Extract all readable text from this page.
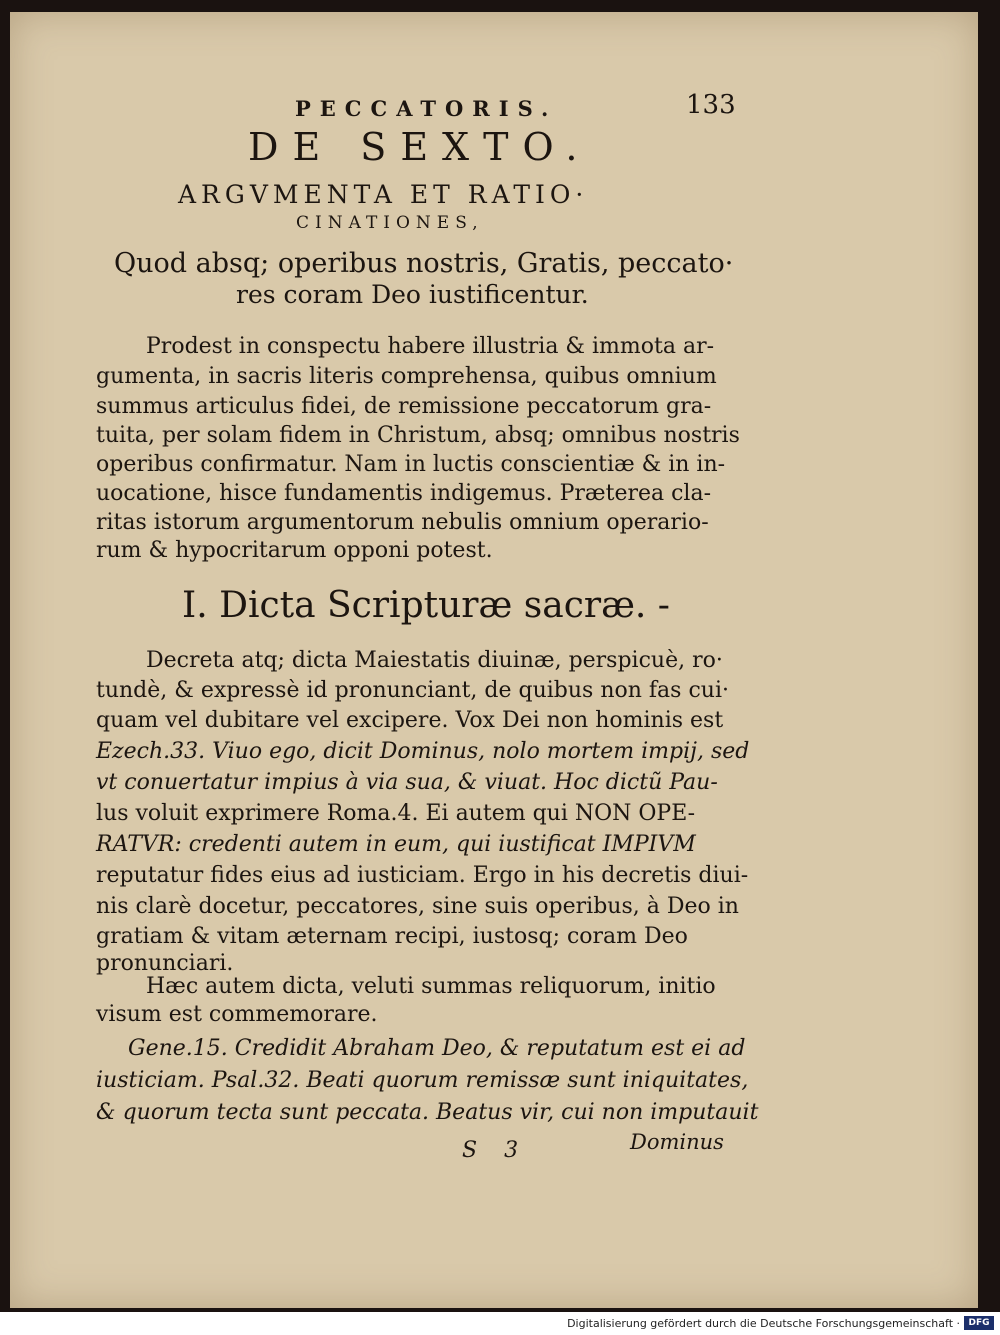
PECCATORIS.	133
DE SEXTO.
ARGVMENTA ET RATIO·
CINATIONES,
Quod absq; operibus nostris, Gratis, peccato·
res coram Deo iustificentur.
Prodest in conspectu habere illustria & immota ar-
gumenta, in sacris literis comprehensa, quibus omnium
summus articulus fidei, de remissione peccatorum gra-
tuita, per solam fidem in Christum, absq; omnibus nostris
operibus confirmatur. Nam in luctis conscientiæ & in in-
uocatione, hisce fundamentis indigemus. Præterea cla-
ritas istorum argumentorum nebulis omnium operario-
rum & hypocritarum opponi potest.
I. Dicta Scripturæ sacræ. -
Decreta atq; dicta Maiestatis diuinæ, perspicuè, ro·
tundè, & expressè id pronunciant, de quibus non fas cui·
quam vel dubitare vel excipere. Vox Dei non hominis est
Ezech.33. Viuo ego, dicit Dominus, nolo mortem impij, sed
vt conuertatur impius à via sua, & viuat. Hoc dictũ Pau-
lus voluit exprimere Roma.4. Ei autem qui NON OPE-
RATVR: credenti autem in eum, qui iustificat IMPIVM
reputatur fides eius ad iusticiam. Ergo in his decretis diui-
nis clarè docetur, peccatores, sine suis operibus, à Deo in
gratiam & vitam æternam recipi, iustosq; coram Deo
pronunciari.
Hæc autem dicta, veluti summas reliquorum, initio
visum est commemorare.
Gene.15. Credidit Abraham Deo, & reputatum est ei ad
iusticiam. Psal.32. Beati quorum remissæ sunt iniquitates,
& quorum tecta sunt peccata. Beatus vir, cui non imputauit
S 3	Dominus
Digitalisierung gefördert durch die Deutsche Forschungsgemeinschaft · DFG
